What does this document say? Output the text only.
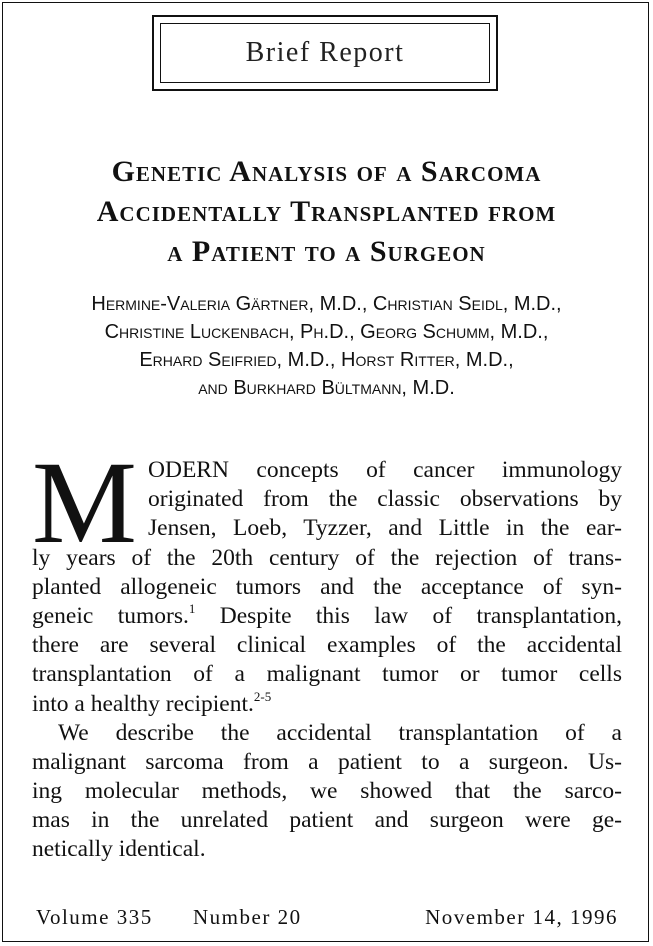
Brief Report
Genetic Analysis of a Sarcoma
Accidentally Transplanted from
a Patient to a Surgeon
Hermine-Valeria Gärtner, M.D., Christian Seidl, M.D.,
Christine Luckenbach, Ph.D., Georg Schumm, M.D.,
Erhard Seifried, M.D., Horst Ritter, M.D.,
and Burkhard Bültmann, M.D.
M ODERN concepts of cancer immunology
originated from the classic observations by
Jensen, Loeb, Tyzzer, and Little in the ear-
ly years of the 20th century of the rejection of trans-
planted allogeneic tumors and the acceptance of syn-
geneic tumors.$^1$ Despite this law of transplantation,
there are several clinical examples of the accidental
transplantation of a malignant tumor or tumor cells
into a healthy recipient.$^{2-5}$
We describe the accidental transplantation of a
malignant sarcoma from a patient to a surgeon. Us-
ing molecular methods, we showed that the sarco-
mas in the unrelated patient and surgeon were ge-
netically identical.
Volume 335 Number 20	November 14, 1996
